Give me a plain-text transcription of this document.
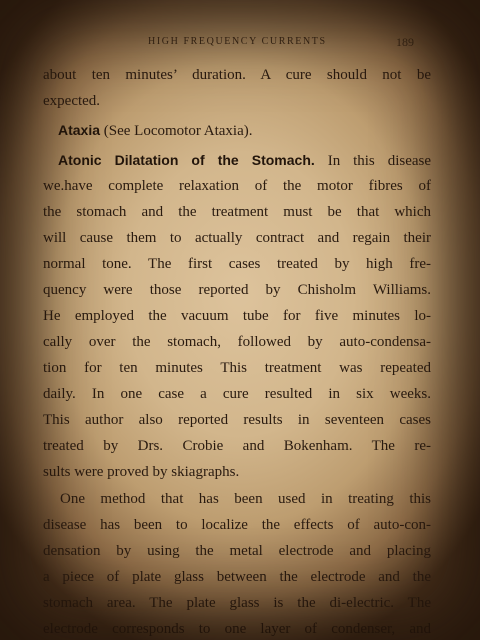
HIGH FREQUENCY CURRENTS	189
about ten minutes’ duration. A cure should not be
expected.
Ataxia (See Locomotor Ataxia).
Atonic Dilatation of the Stomach. In this disease
we.have complete relaxation of the motor fibres of
the stomach and the treatment must be that which
will cause them to actually contract and regain their
normal tone. The first cases treated by high fre-
quency were those reported by Chisholm Williams.
He employed the vacuum tube for five minutes lo-
cally over the stomach, followed by auto-condensa-
tion for ten minutes This treatment was repeated
daily. In one case a cure resulted in six weeks.
This author also reported results in seventeen cases
treated by Drs. Crobie and Bokenham. The re-
sults were proved by skiagraphs.
One method that has been used in treating this
disease has been to localize the effects of auto-con-
densation by using the metal electrode and placing
a piece of plate glass between the electrode and the
stomach area. The plate glass is the di-electric. The
electrode corresponds to one layer of condenser, and
